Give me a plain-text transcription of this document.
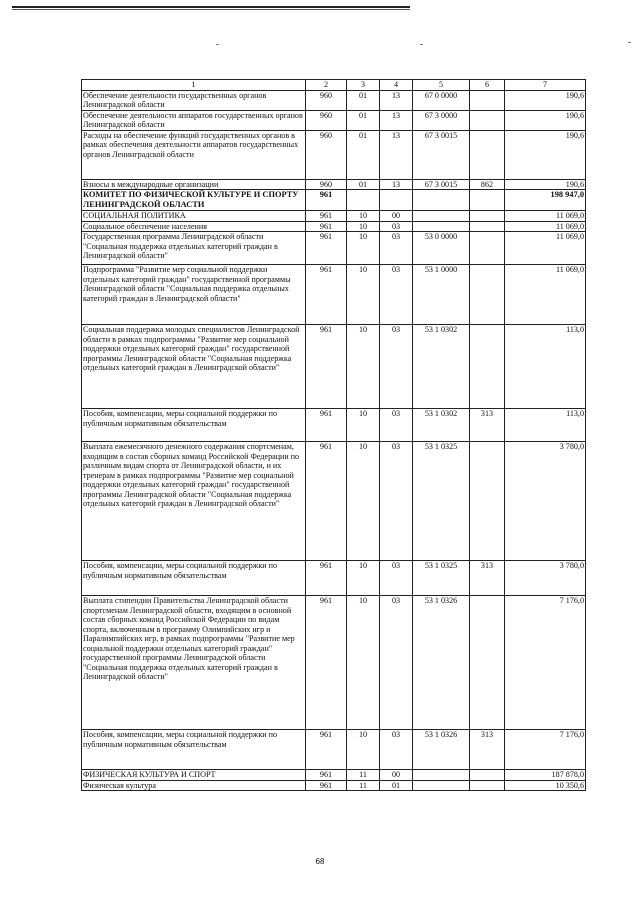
1	2	3	4	5	6	7
Обеспечение деятельности государственных органов Ленинградской области	960	01	13	67 0 0000		190,6
Обеспечение деятельности аппаратов государственных органов Ленинградской области	960	01	13	67 3 0000		190,6
Расходы на обеспечение функций государственных органов в рамках обеспечения деятельности аппаратов государственных органов Ленинградской области	960	01	13	67 3 0015		190,6
Взносы в международные организации	960	01	13	67 3 0015	862	190,6
КОМИТЕТ ПО ФИЗИЧЕСКОЙ КУЛЬТУРЕ И СПОРТУ ЛЕНИНГРАДСКОЙ ОБЛАСТИ	961					198 947,0
СОЦИАЛЬНАЯ ПОЛИТИКА	961	10	00			11 069,0
Социальное обеспечение населения	961	10	03			11 069,0
Государственная программа Ленинградской области "Социальная поддержка отдельных категорий граждан в Ленинградской области"	961	10	03	53 0 0000		11 069,0
Подпрограмма "Развитие мер социальной поддержки отдельных категорий граждан" государственной программы Ленинградской области "Социальная поддержка отдельных категорий граждан в Ленинградской области"	961	10	03	53 1 0000		11 069,0
Социальная поддержка молодых специалистов Ленинградской области в рамках подпрограммы "Развитие мер социальной поддержки отдельных категорий граждан" государственной программы Ленинградской области "Социальная поддержка отдельных категорий граждан в Ленинградской области"	961	10	03	53 1 0302		113,0
Пособия, компенсации, меры социальной поддержки по публичным нормативным обязательствам	961	10	03	53 1 0302	313	113,0
Выплата ежемесячного денежного содержания спортсменам, входящим в состав сборных команд Российской Федерации по различным видам спорта от Ленинградской области, и их тренерам в рамках подпрограммы "Развитие мер социальной поддержки отдельных категорий граждан" государственной программы Ленинградской области "Социальная поддержка отдельных категорий граждан в Ленинградской области"	961	10	03	53 1 0325		3 780,0
Пособия, компенсации, меры социальной поддержки по публичным нормативным обязательствам	961	10	03	53 1 0325	313	3 780,0
Выплата стипендии Правительства Ленинградской области спортсменам Ленинградской области, входящим в основной состав сборных команд Российской Федерации по видам спорта, включенным в программу Олимпийских игр и Паралимпийских игр, в рамках подпрограммы "Развитие мер социальной поддержки отдельных категорий граждан" государственной программы Ленинградской области "Социальная поддержка отдельных категорий граждан в Ленинградской области"	961	10	03	53 1 0326		7 176,0
Пособия, компенсации, меры социальной поддержки по публичным нормативным обязательствам	961	10	03	53 1 0326	313	7 176,0
ФИЗИЧЕСКАЯ КУЛЬТУРА И СПОРТ	961	11	00			187 878,0
Физическая культура	961	11	01			10 350,6
68
